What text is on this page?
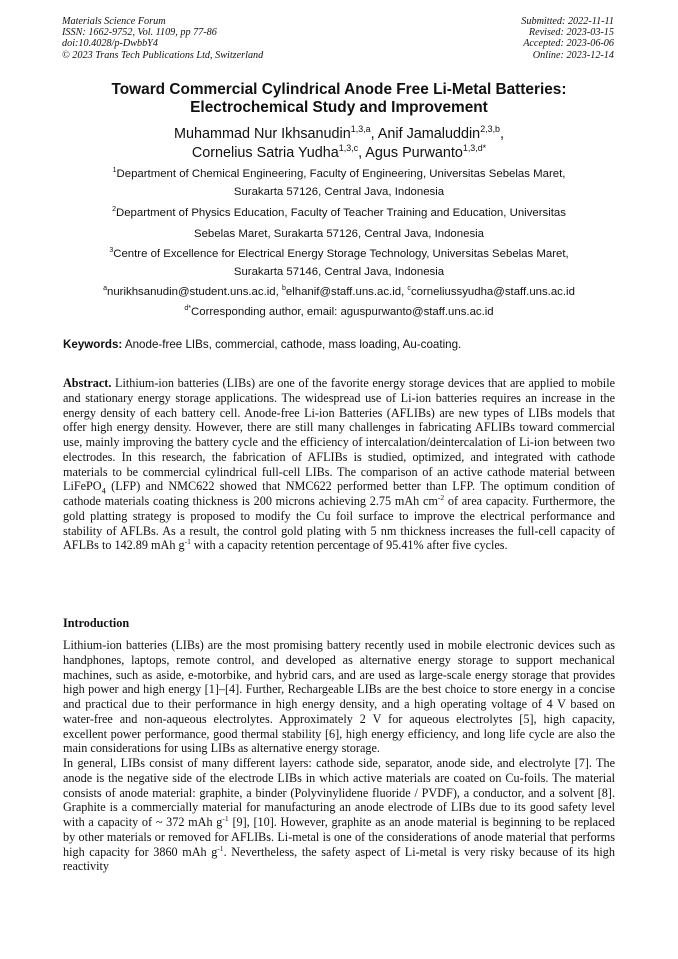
Materials Science Forum
ISSN: 1662-9752, Vol. 1109, pp 77-86
doi:10.4028/p-DwbbY4
© 2023 Trans Tech Publications Ltd, Switzerland
Submitted: 2022-11-11
Revised: 2023-03-15
Accepted: 2023-06-06
Online: 2023-12-14
Toward Commercial Cylindrical Anode Free Li-Metal Batteries:
Electrochemical Study and Improvement
Muhammad Nur Ikhsanudin$^{1,3,a}$, Anif Jamaluddin$^{2,3,b}$,
Cornelius Satria Yudha$^{1,3,c}$, Agus Purwanto$^{1,3,d*}$
$^1$Department of Chemical Engineering, Faculty of Engineering, Universitas Sebelas Maret,
Surakarta 57126, Central Java, Indonesia
$^2$Department of Physics Education, Faculty of Teacher Training and Education, Universitas
Sebelas Maret, Surakarta 57126, Central Java, Indonesia
$^3$Centre of Excellence for Electrical Energy Storage Technology, Universitas Sebelas Maret,
Surakarta 57146, Central Java, Indonesia
$^a$nurikhsanudin@student.uns.ac.id, $^b$elhanif@staff.uns.ac.id, $^c$corneliussyudha@staff.uns.ac.id
$^{d*}$Corresponding author, email: aguspurwanto@staff.uns.ac.id
Keywords: Anode-free LIBs, commercial, cathode, mass loading, Au-coating.

Abstract. Lithium-ion batteries (LIBs) are one of the favorite energy storage devices that are applied to mobile and stationary energy storage applications. The widespread use of Li-ion batteries requires an increase in the energy density of each battery cell. Anode-free Li-ion Batteries (AFLIBs) are new types of LIBs models that offer high energy density. However, there are still many challenges in fabricating AFLIBs toward commercial use, mainly improving the battery cycle and the efficiency of intercalation/deintercalation of Li-ion between two electrodes. In this research, the fabrication of AFLIBs is studied, optimized, and integrated with cathode materials to be commercial cylindrical full-cell LIBs. The comparison of an active cathode material between LiFePO$_4$ (LFP) and NMC622 showed that NMC622 performed better than LFP. The optimum condition of cathode materials coating thickness is 200 microns achieving 2.75 mAh $cm^{-2}$ of area capacity. Furthermore, the gold platting strategy is proposed to modify the Cu foil surface to improve the electrical performance and stability of AFLBs. As a result, the control gold plating with 5 nm thickness increases the full-cell capacity of AFLBs to 142.89 mAh $g^{-1}$ with a capacity retention percentage of 95.41% after five cycles.

Introduction

Lithium-ion batteries (LIBs) are the most promising battery recently used in mobile electronic devices such as handphones, laptops, remote control, and developed as alternative energy storage to support mechanical machines, such as aside, e-motorbike, and hybrid cars, and are used as large-scale energy storage that provides high power and high energy [1]–[4]. Further, Rechargeable LIBs are the best choice to store energy in a concise and practical due to their performance in high energy density, and a high operating voltage of 4 V based on water-free and non-aqueous electrolytes. Approximately 2 V for aqueous electrolytes [5], high capacity, excellent power performance, good thermal stability [6], high energy efficiency, and long life cycle are also the main considerations for using LIBs as alternative energy storage.

In general, LIBs consist of many different layers: cathode side, separator, anode side, and electrolyte [7]. The anode is the negative side of the electrode LIBs in which active materials are coated on Cu-foils. The material consists of anode material: graphite, a binder (Polyvinylidene fluoride / PVDF), a conductor, and a solvent [8]. Graphite is a commercially material for manufacturing an anode electrode of LIBs due to its good safety level with a capacity of ~ 372 mAh $g^{-1}$ [9], [10]. However, graphite as an anode material is beginning to be replaced by other materials or removed for AFLIBs. Li-metal is one of the considerations of anode material that performs high capacity for 3860 mAh $g^{-1}$. Nevertheless, the safety aspect of Li-metal is very risky because of its high reactivity
